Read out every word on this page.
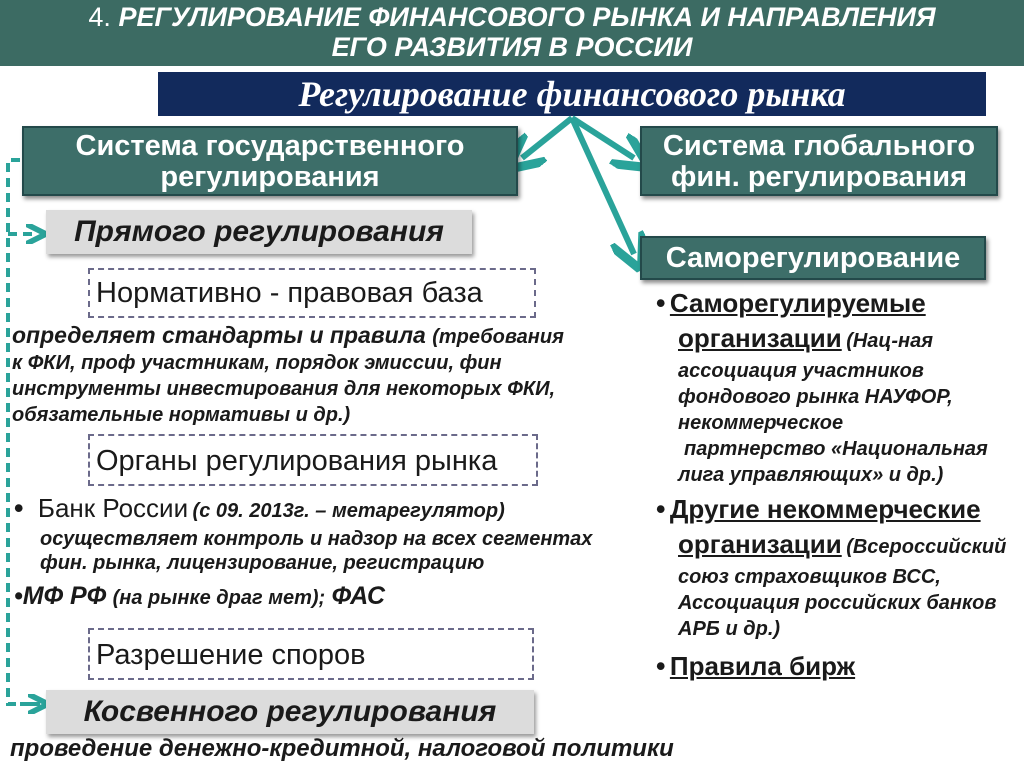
4. РЕГУЛИРОВАНИЕ ФИНАНСОВОГО РЫНКА И НАПРАВЛЕНИЯ
ЕГО РАЗВИТИЯ В РОССИИ
Регулирование финансового рынка
Система государственного
регулирования
Система глобального
фин. регулирования
Саморегулирование
Прямого регулирования
Нормативно - правовая база
определяет стандарты и правила (требования
к ФКИ, проф участникам, порядок эмиссии, фин
инструменты инвестирования для некоторых ФКИ,
обязательные нормативы и др.)
Органы регулирования рынка
• Банк России (с 09. 2013г. – метарегулятор)
осуществляет контроль и надзор на всех сегментах
фин. рынка, лицензирование, регистрацию
•МФ РФ (на рынке драг мет); ФАС
Разрешение споров
Косвенного регулирования
проведение денежно-кредитной, налоговой политики
• Саморегулируемые
организации (Нац-ная
ассоциация участников
фондового рынка НАУФОР,
некоммерческое
партнерство «Национальная
лига управляющих» и др.)
• Другие некоммерческие
организации (Всероссийский
союз страховщиков ВСС,
Ассоциация российских банков
АРБ и др.)
• Правила бирж
